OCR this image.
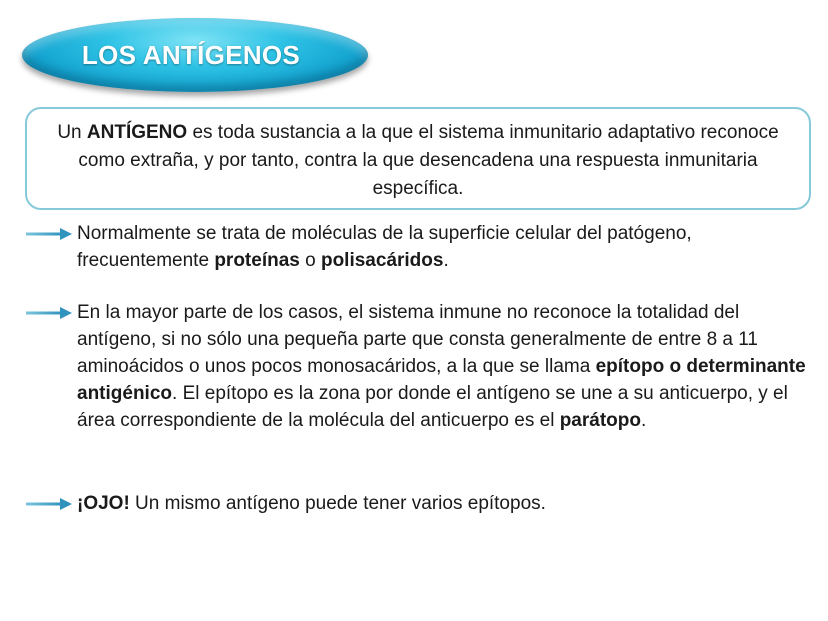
LOS ANTÍGENOS
Un ANTÍGENO es toda sustancia a la que el sistema inmunitario adaptativo reconoce como extraña, y por tanto, contra la que desencadena una respuesta inmunitaria específica.
Normalmente se trata de moléculas de la superficie celular del patógeno, frecuentemente proteínas o polisacáridos.
En la mayor parte de los casos, el sistema inmune no reconoce la totalidad del antígeno, si no sólo una pequeña parte que consta generalmente de entre 8 a 11 aminoácidos o unos pocos monosacáridos, a la que se llama epítopo o determinante antigénico. El epítopo es la zona por donde el antígeno se une a su anticuerpo, y el área correspondiente de la molécula del anticuerpo es el parátopo.
¡OJO! Un mismo antígeno puede tener varios epítopos.
